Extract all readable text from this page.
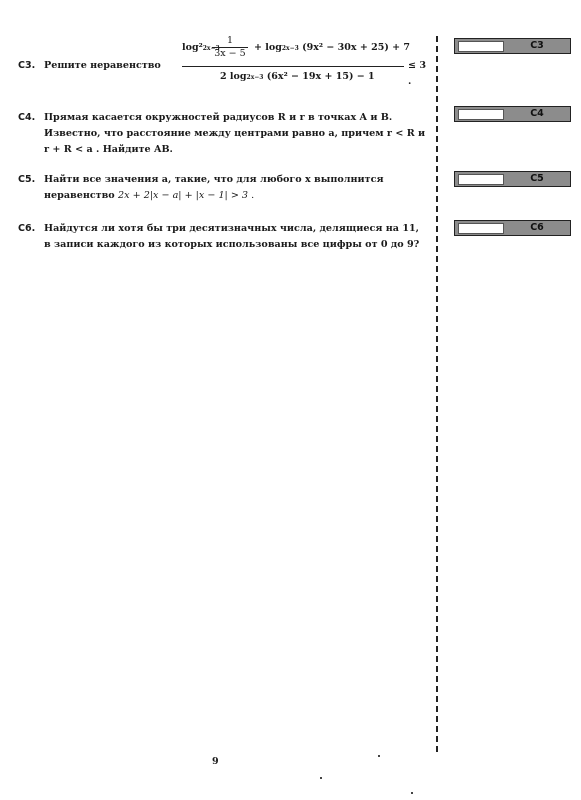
C3. Решите неравенство
log²2x−3
1
3x − 5
+ log2x−3 (9x² − 30x + 25) + 7
2 log2x−3 (6x² − 19x + 15) − 1
≤ 3 .
C4. Прямая касается окружностей радиусов R и r в точках A и B. Известно, что расстояние между центрами равно a, причем r < R и
r + R < a . Найдите AB.
C5. Найти все значения a, такие, что для любого x выполнится неравенство 2x + 2|x − a| + |x − 1| > 3 .
C6. Найдутся ли хотя бы три десятизначных числа, делящиеся на 11,
в записи каждого из которых использованы все цифры от 0 до 9?
C3
C4
C5
C6
9
